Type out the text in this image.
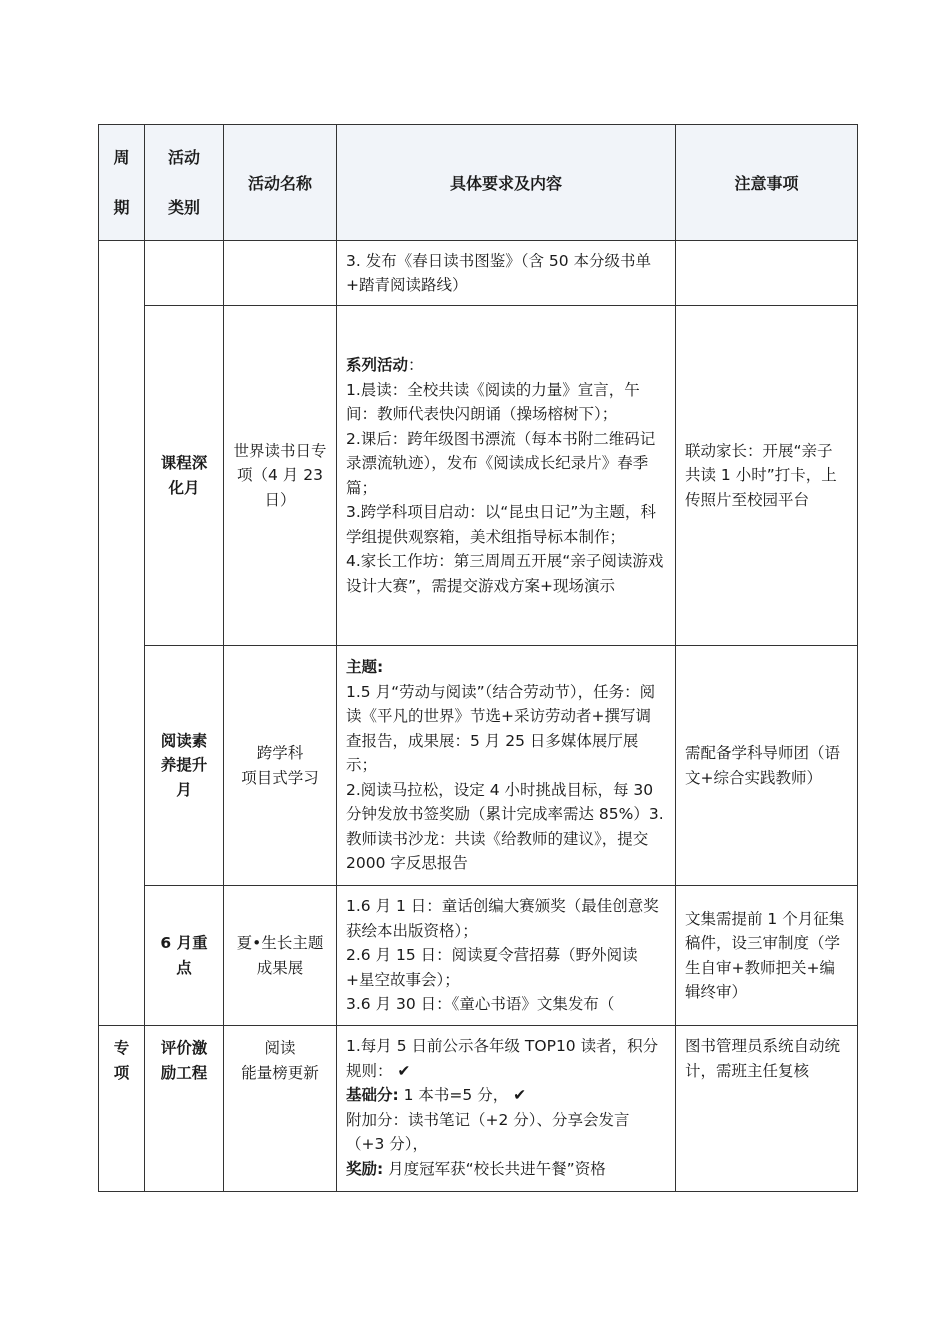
周
期	活动
类别	活动名称	具体要求及内容	注意事项

			3. 发布《春日读书图鉴》（含 50 本分级书单+踏青阅读路线）	

	课程深化月	世界读书日专项（4 月 23 日）	系列活动：
1.晨读：全校共读《阅读的力量》宣言，午间：教师代表快闪朗诵（操场榕树下）；
2.课后：跨年级图书漂流（每本书附二维码记录漂流轨迹），发布《阅读成长纪录片》春季篇；
3.跨学科项目启动：以“昆虫日记”为主题，科学组提供观察箱，美术组指导标本制作；
4.家长工作坊：第三周周五开展“亲子阅读游戏设计大赛”，需提交游戏方案+现场演示	联动家长：开展“亲子共读 1 小时”打卡，上传照片至校园平台

	阅读素养提升月	跨学科
项目式学习	主题:
1.5 月“劳动与阅读”（结合劳动节），任务：阅读《平凡的世界》节选+采访劳动者+撰写调查报告，成果展：5 月 25 日多媒体展厅展示；
2.阅读马拉松，设定 4 小时挑战目标，每 30 分钟发放书签奖励（累计完成率需达 85%）3.教师读书沙龙：共读《给教师的建议》，提交 2000 字反思报告	需配备学科导师团（语文+综合实践教师）

	6 月重点	夏•生长主题成果展	1.6 月 1 日：童话创编大赛颁奖（最佳创意奖获绘本出版资格）；
2.6 月 15 日：阅读夏令营招募（野外阅读+星空故事会）；
3.6 月 30 日：《童心书语》文集发布（	文集需提前 1 个月征集稿件，设三审制度（学生自审+教师把关+编辑终审）

专
项	评价激励工程	阅读
能量榜更新	1.每月 5 日前公示各年级 TOP10 读者，积分规则： ✔
基础分: 1 本书=5 分， ✔
附加分：读书笔记（+2 分）、分享会发言（+3 分），
奖励: 月度冠军获“校长共进午餐”资格	图书管理员系统自动统计，需班主任复核
